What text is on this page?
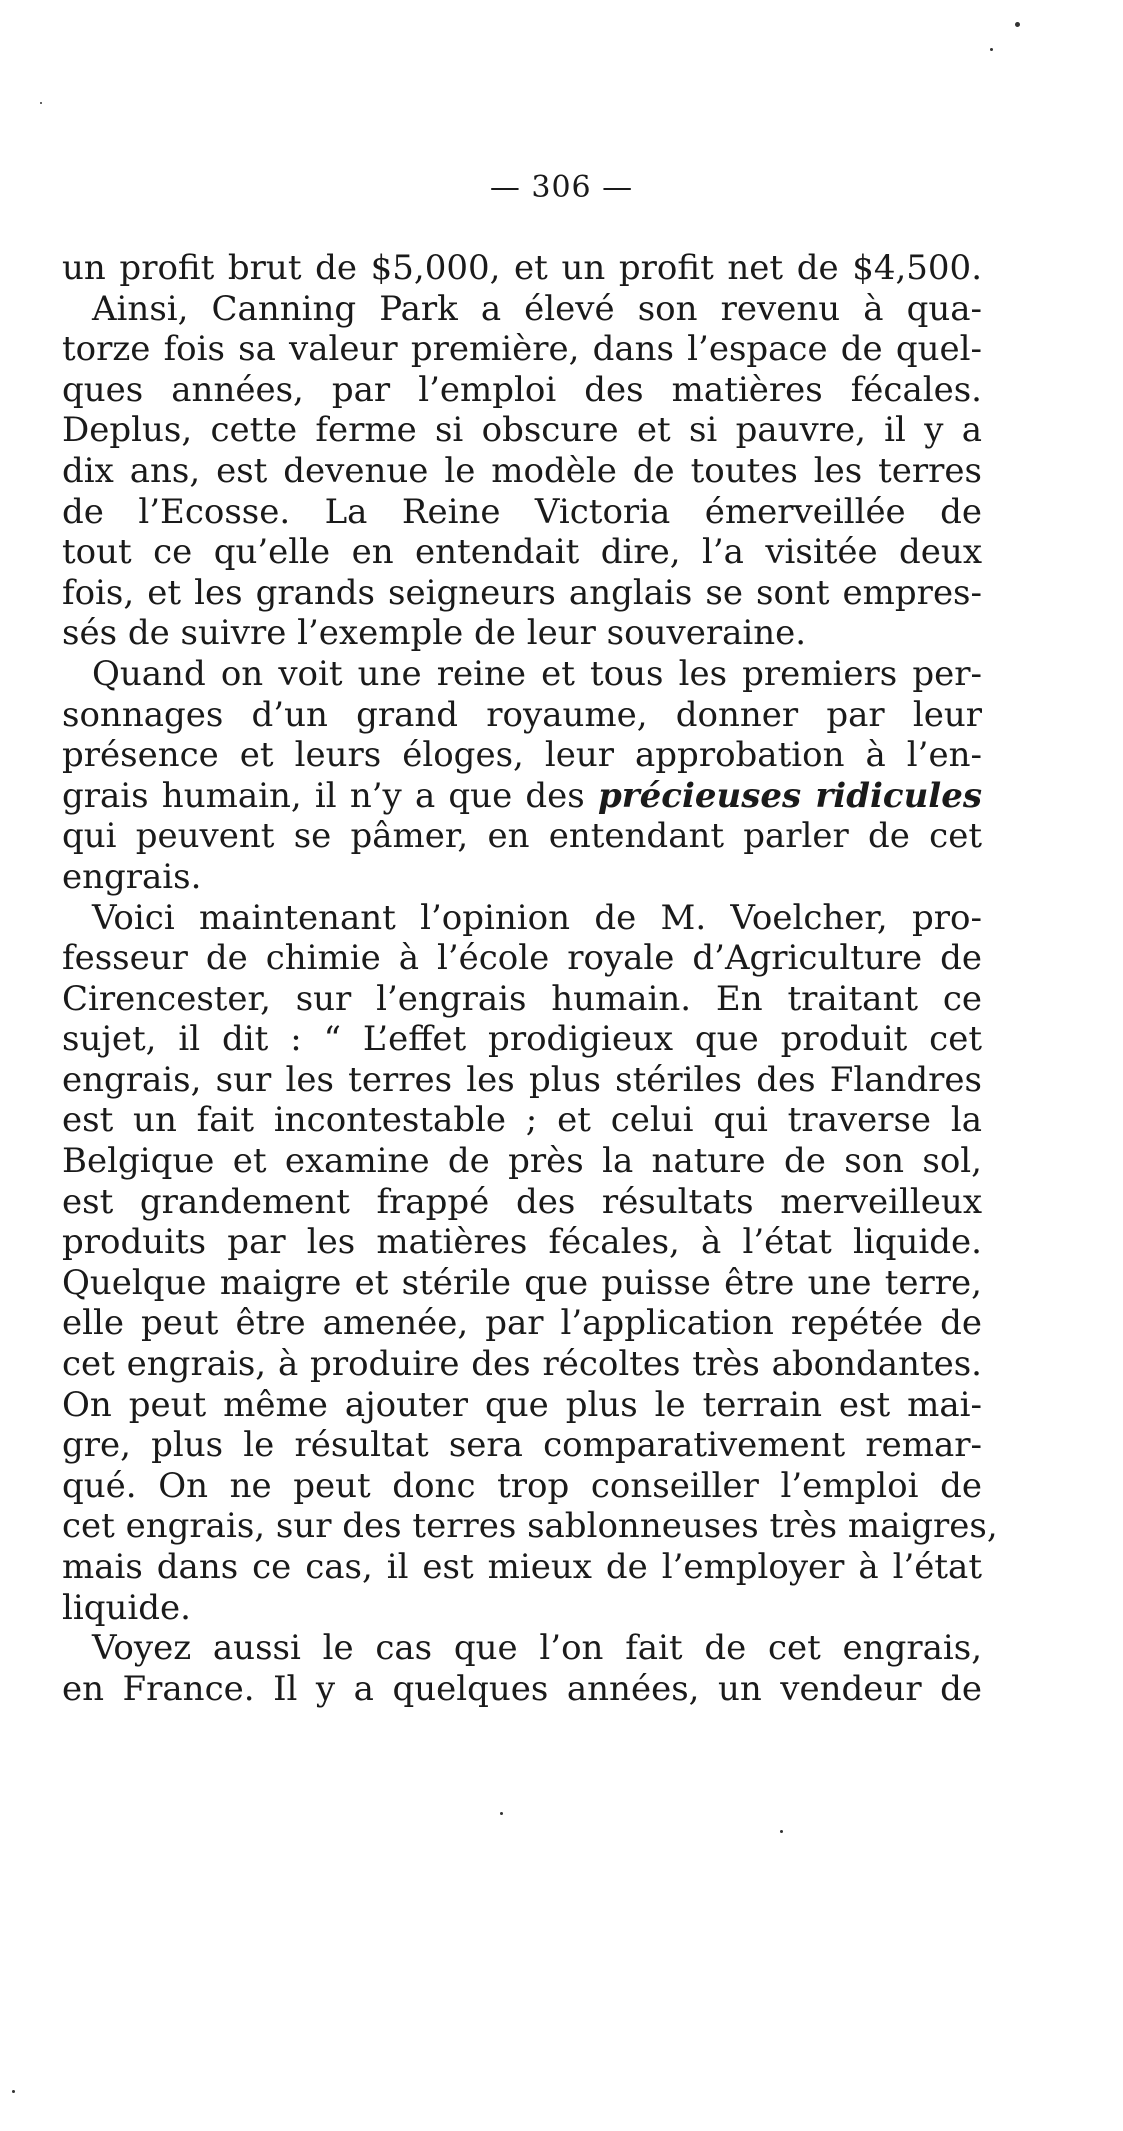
— 306 —
un profit brut de $5,000, et un profit net de $4,500.
Ainsi, Canning Park a élevé son revenu à qua-
torze fois sa valeur première, dans l’espace de quel-
ques années, par l’emploi des matières fécales.
Deplus, cette ferme si obscure et si pauvre, il y a
dix ans, est devenue le modèle de toutes les terres
de l’Ecosse. La Reine Victoria émerveillée de
tout ce qu’elle en entendait dire, l’a visitée deux
fois, et les grands seigneurs anglais se sont empres-
sés de suivre l’exemple de leur souveraine.
Quand on voit une reine et tous les premiers per-
sonnages d’un grand royaume, donner par leur
présence et leurs éloges, leur approbation à l’en-
grais humain, il n’y a que des précieuses ridicules
qui peuvent se pâmer, en entendant parler de cet
engrais.
Voici maintenant l’opinion de M. Voelcher, pro-
fesseur de chimie à l’école royale d’Agriculture de
Cirencester, sur l’engrais humain. En traitant ce
sujet, il dit : “ L’effet prodigieux que produit cet
engrais, sur les terres les plus stériles des Flandres
est un fait incontestable ; et celui qui traverse la
Belgique et examine de près la nature de son sol,
est grandement frappé des résultats merveilleux
produits par les matières fécales, à l’état liquide.
Quelque maigre et stérile que puisse être une terre,
elle peut être amenée, par l’application repétée de
cet engrais, à produire des récoltes très abondantes.
On peut même ajouter que plus le terrain est mai-
gre, plus le résultat sera comparativement remar-
qué. On ne peut donc trop conseiller l’emploi de
cet engrais, sur des terres sablonneuses très maigres,
mais dans ce cas, il est mieux de l’employer à l’état
liquide.
Voyez aussi le cas que l’on fait de cet engrais,
en France. Il y a quelques années, un vendeur de
